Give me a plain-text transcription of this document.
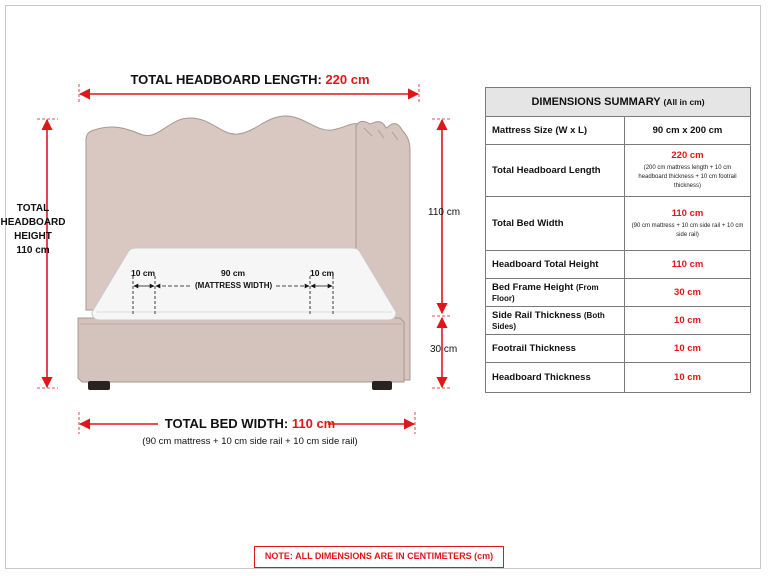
TOTAL HEADBOARD LENGTH: 220 cm
TOTAL
HEADBOARD
HEIGHT
110 cm
110 cm
30 cm
10 cm	90 cm
(MATTRESS WIDTH)
10 cm
TOTAL BED WIDTH: 110 cm
(90 cm mattress + 10 cm side rail + 10 cm side rail)
DIMENSIONS SUMMARY (All in cm)	
Mattress Size (W x L)	90 cm x 200 cm
Total Headboard Length	220 cm
(200 cm mattress length + 10 cm headboard thickness + 10 cm footrail thickness)

Total Bed Width	110 cm
(90 cm mattress + 10 cm side rail + 10 cm side rail)

Headboard Total Height	110 cm
Bed Frame Height (From Floor)	30 cm
Side Rail Thickness (Both Sides)	10 cm
Footrail Thickness	10 cm
Headboard Thickness	10 cm
NOTE: ALL DIMENSIONS ARE IN CENTIMETERS (cm)
